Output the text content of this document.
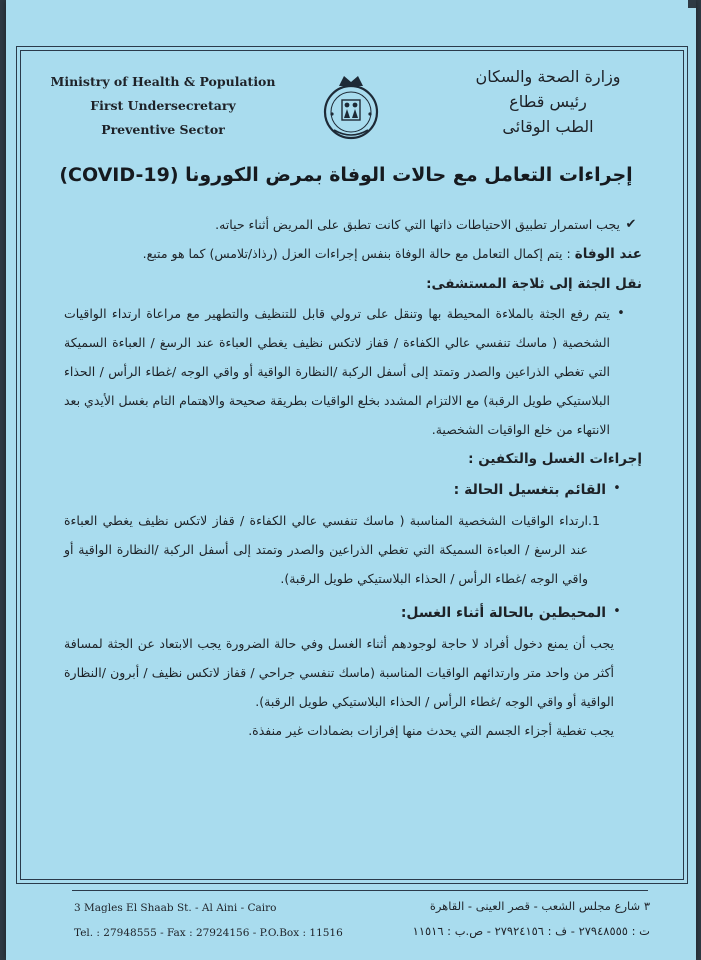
Ministry of Health & Population
First Undersecretary
Preventive Sector
وزارة الصحة والسكان
رئيس قطاع
الطب الوقائى
إجراءات التعامل مع حالات الوفاة بمرض الكورونا (COVID-19)
✔

يجب استمرار تطبيق الاحتياطات ذاتها التي كانت تطبق على المريض أثناء حياته.

عند الوفاة : يتم إكمال التعامل مع حالة الوفاة بنفس إجراءات العزل (رذاذ/تلامس) كما هو متبع.

نقل الجثة إلى ثلاجة المستشفى:

•

يتم رفع الجثة بالملاءة المحيطة بها وتنقل على ترولي قابل للتنظيف والتطهير مع مراعاة ارتداء الواقيات الشخصية ( ماسك تنفسي عالي الكفاءة / قفاز لاتكس نظيف يغطي العباءة عند الرسغ / العباءة السميكة التي تغطي الذراعين والصدر وتمتد إلى أسفل الركبة /النظارة الواقية أو واقي الوجه /غطاء الرأس / الحذاء البلاستيكي طويل الرقبة) مع الالتزام المشدد بخلع الواقيات بطريقة صحيحة والاهتمام التام بغسل الأيدي بعد الانتهاء من خلع الواقيات الشخصية.

إجراءات الغسل والتكفين :

•

القائم بتغسيل الحالة :

1.

ارتداء الواقيات الشخصية المناسبة ( ماسك تنفسي عالي الكفاءة / قفاز لاتكس نظيف يغطي العباءة عند الرسغ / العباءة السميكة التي تغطي الذراعين والصدر وتمتد إلى أسفل الركبة /النظارة الواقية أو واقي الوجه /غطاء الرأس / الحذاء البلاستيكي طويل الرقبة).

•

المحيطين بالحالة أثناء الغسل:

يجب أن يمنع دخول أفراد لا حاجة لوجودهم أثناء الغسل وفي حالة الضرورة يجب الابتعاد عن الجثة لمسافة أكثر من واحد متر وارتدائهم الواقيات المناسبة (ماسك تنفسي جراحي / قفاز لاتكس نظيف / أبرون /النظارة الواقية أو واقي الوجه /غطاء الرأس / الحذاء البلاستيكي طويل الرقبة).

يجب تغطية أجزاء الجسم التي يحدث منها إفرازات بضمادات غير منفذة.

3 Magles El Shaab St. - Al Aini - Cairo
Tel. : 27948555 - Fax : 27924156 - P.O.Box : 11516
٣ شارع مجلس الشعب - قصر العينى - القاهرة
ت : ٢٧٩٤٨٥٥٥ - ف : ٢٧٩٢٤١٥٦ - ص.ب : ١١٥١٦
